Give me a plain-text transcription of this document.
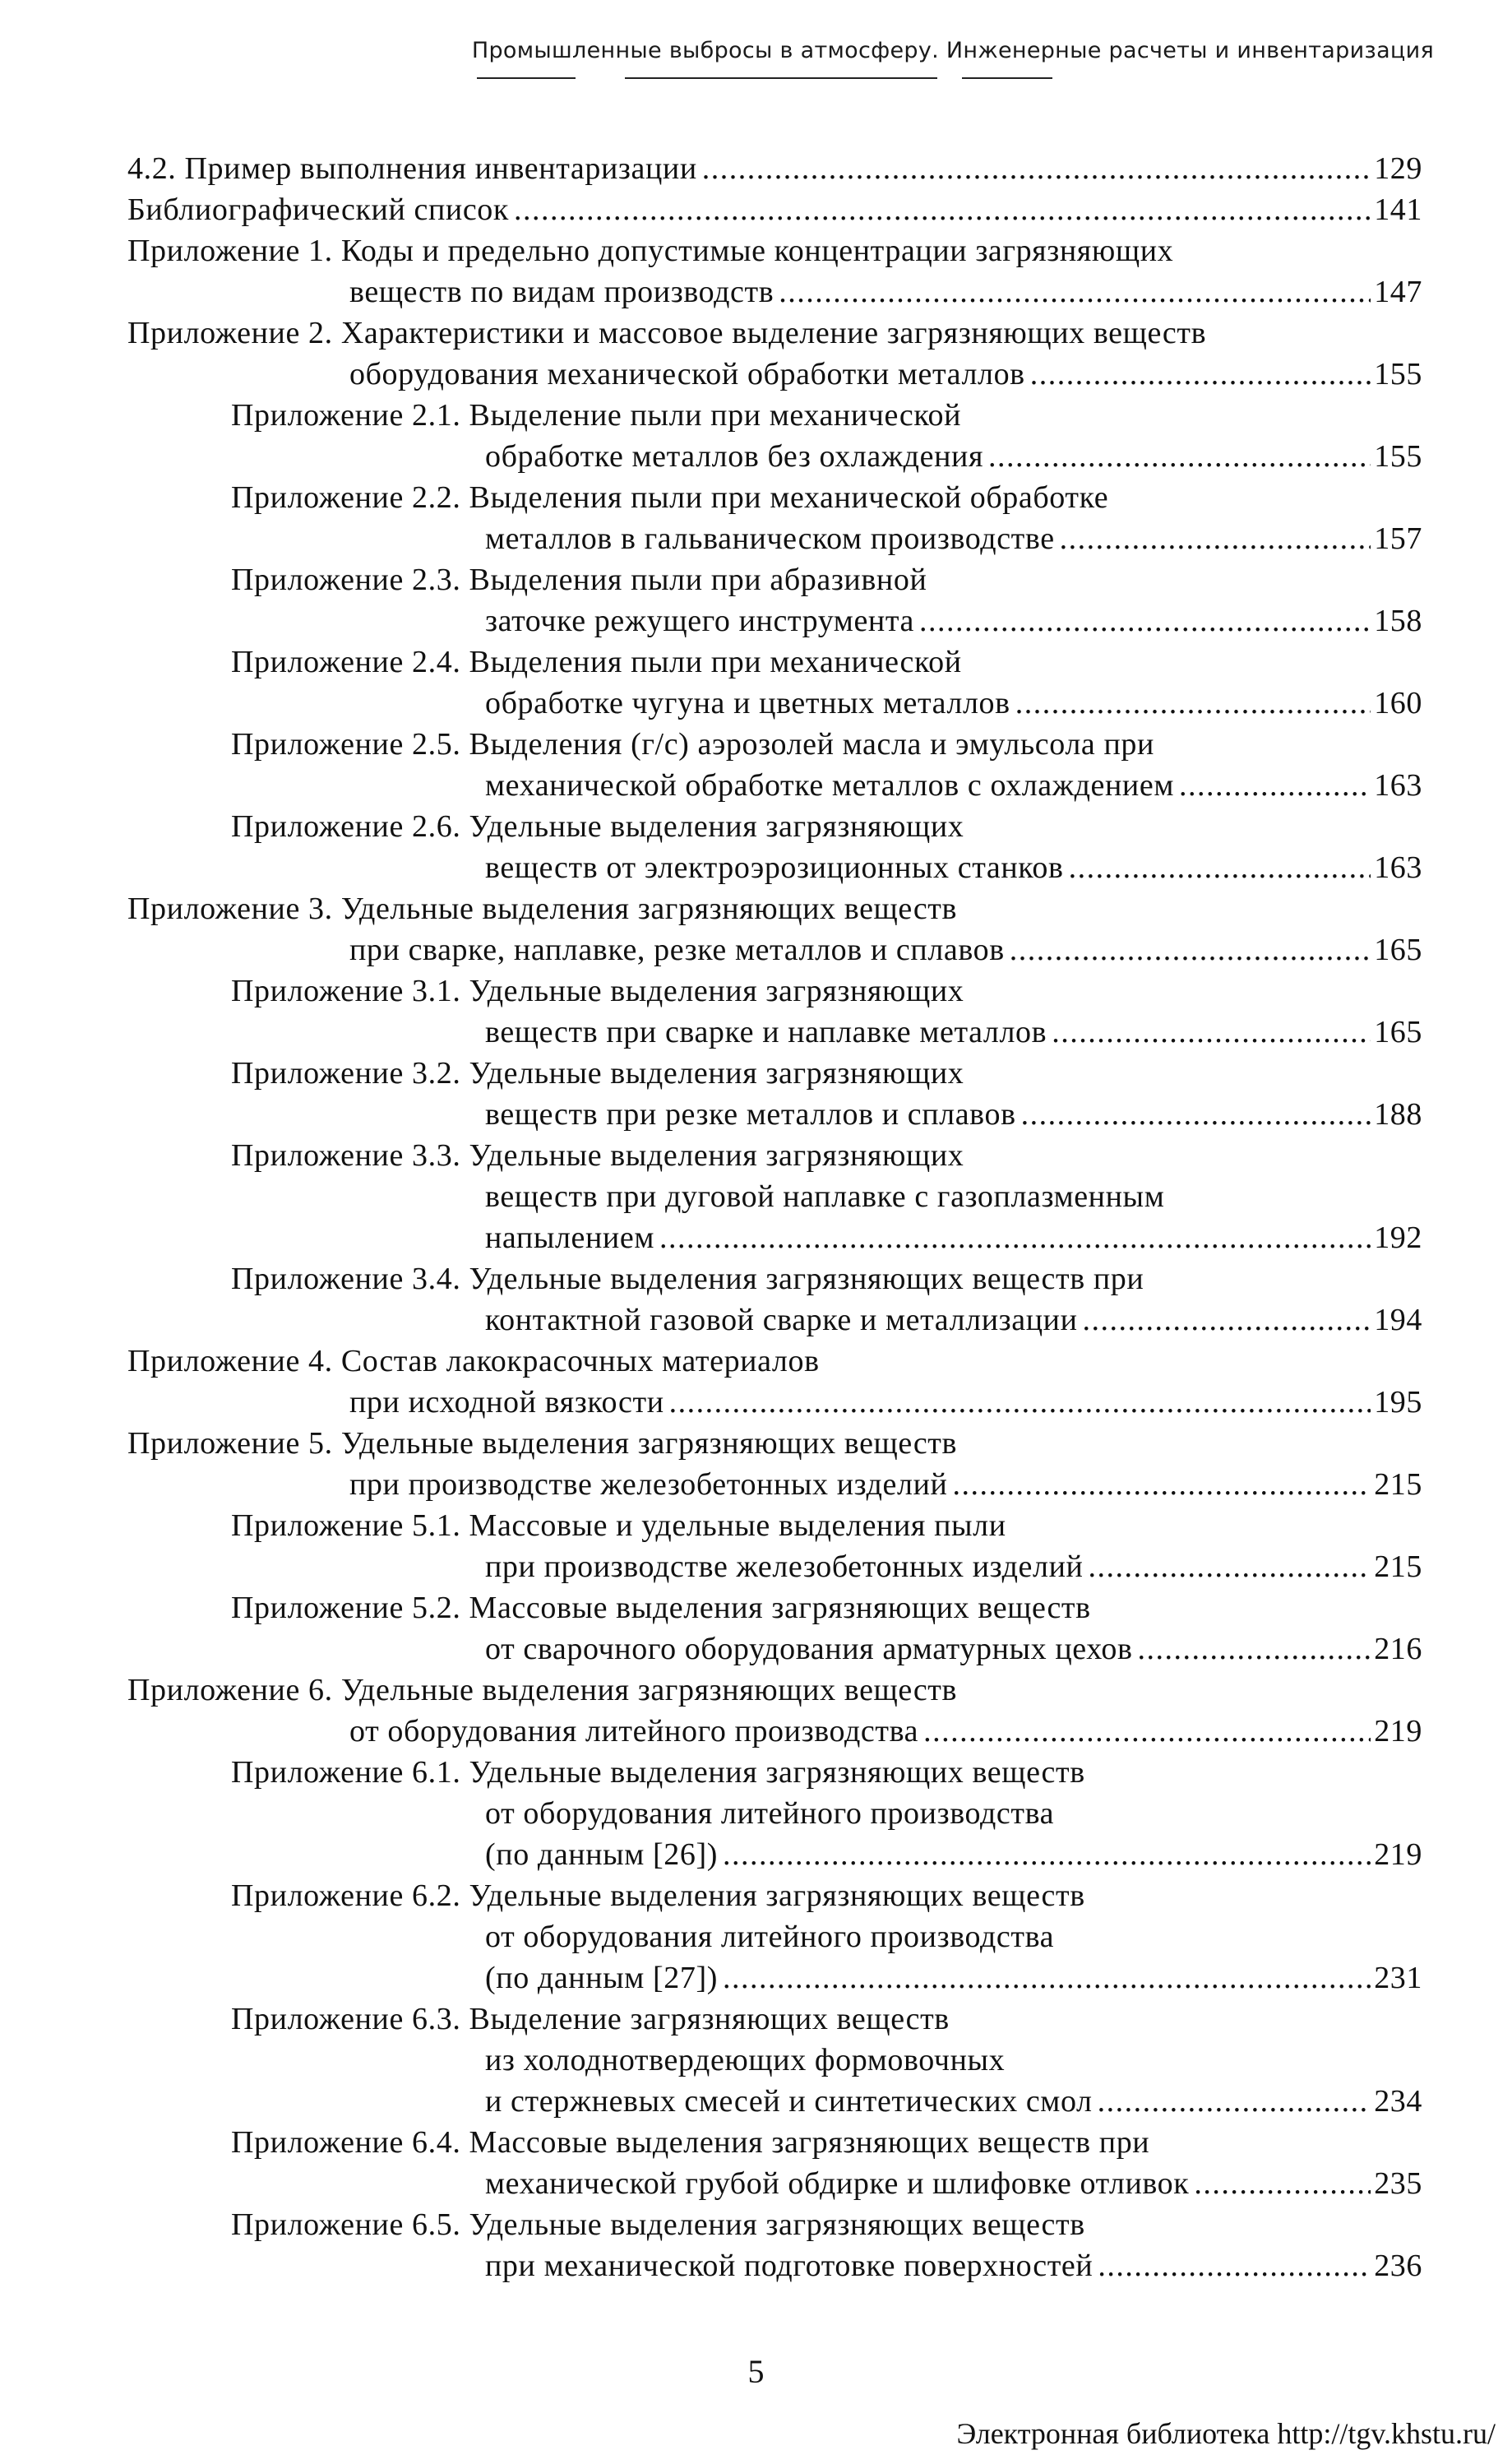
Промышленные выбросы в атмосферу. Инженерные расчеты и инвентаризация
4.2. Пример выполнения инвентаризации .....	129
Библиографический список .....	141
Приложение 1. Коды и предельно допустимые концентрации загрязняющих
веществ по видам производств .....	147
Приложение 2. Характеристики и массовое выделение загрязняющих веществ
оборудования механической обработки металлов .....	155
Приложение 2.1. Выделение пыли при механической
обработке металлов без охлаждения .....	155
Приложение 2.2. Выделения пыли при механической обработке
металлов в гальваническом производстве .....	157
Приложение 2.3. Выделения пыли при абразивной
заточке режущего инструмента .....	158
Приложение 2.4. Выделения пыли при механической
обработке чугуна и цветных металлов .....	160
Приложение 2.5. Выделения (г/с) аэрозолей масла и эмульсола при
механической обработке металлов с охлаждением .....	163
Приложение 2.6. Удельные выделения загрязняющих
веществ от электроэрозиционных станков .....	163
Приложение 3. Удельные выделения загрязняющих веществ
при сварке, наплавке, резке металлов и сплавов .....	165
Приложение 3.1. Удельные выделения загрязняющих
веществ при сварке и наплавке металлов .....	165
Приложение 3.2. Удельные выделения загрязняющих
веществ при резке металлов и сплавов .....	188
Приложение 3.3. Удельные выделения загрязняющих
веществ при дуговой наплавке с газоплазменным
напылением .....	192
Приложение 3.4. Удельные выделения загрязняющих веществ при
контактной газовой сварке и металлизации .....	194
Приложение 4. Состав лакокрасочных материалов
при исходной вязкости .....	195
Приложение 5. Удельные выделения загрязняющих веществ
при производстве железобетонных изделий .....	215
Приложение 5.1. Массовые и удельные выделения пыли
при производстве железобетонных изделий .....	215
Приложение 5.2. Массовые выделения загрязняющих веществ
от сварочного оборудования арматурных цехов .....	216
Приложение 6. Удельные выделения загрязняющих веществ
от оборудования литейного производства .....	219
Приложение 6.1. Удельные выделения загрязняющих веществ
от оборудования литейного производства
(по данным [26]) .....	219
Приложение 6.2. Удельные выделения загрязняющих веществ
от оборудования литейного производства
(по данным [27]) .....	231
Приложение 6.3. Выделение загрязняющих веществ
из холоднотвердеющих формовочных
и стержневых смесей и синтетических смол .....	234
Приложение 6.4. Массовые выделения загрязняющих веществ при
механической грубой обдирке и шлифовке отливок .....	235
Приложение 6.5. Удельные выделения загрязняющих веществ
при механической подготовке поверхностей .....	236
5
Электронная библиотека http://tgv.khstu.ru/
